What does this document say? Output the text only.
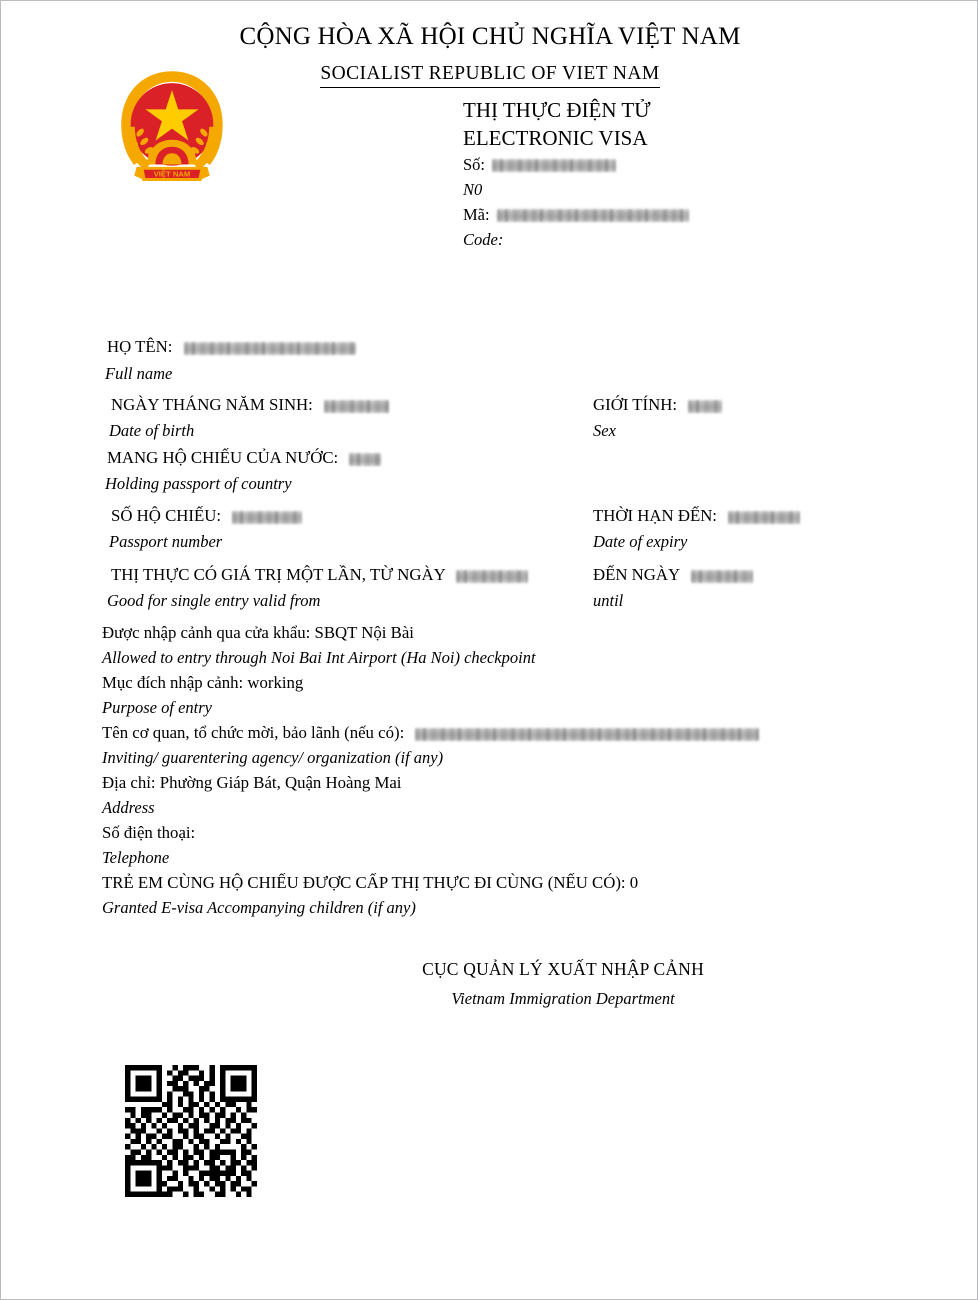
CỘNG HÒA XÃ HỘI CHỦ NGHĨA VIỆT NAM
SOCIALIST REPUBLIC OF VIET NAM
VIỆT NAM
THỊ THỰC ĐIỆN TỬ
ELECTRONIC VISA
Số:
N0
Mã:
Code:
HỌ TÊN:
Full name
NGÀY THÁNG NĂM SINH:
Date of birth
GIỚI TÍNH:
Sex
MANG HỘ CHIẾU CỦA NƯỚC:
Holding passport of country
SỐ HỘ CHIẾU:
Passport number
THỜI HẠN ĐẾN:
Date of expiry
THỊ THỰC CÓ GIÁ TRỊ MỘT LẦN, TỪ NGÀY
Good for single entry valid from
ĐẾN NGÀY
until
Được nhập cảnh qua cửa khẩu: SBQT Nội Bài
Allowed to entry through Noi Bai Int Airport (Ha Noi) checkpoint
Mục đích nhập cảnh: working
Purpose of entry
Tên cơ quan, tổ chức mời, bảo lãnh (nếu có):
Inviting/ guarentering agency/ organization (if any)
Địa chỉ: Phường Giáp Bát, Quận Hoàng Mai
Address
Số điện thoại:
Telephone
TRẺ EM CÙNG HỘ CHIẾU ĐƯỢC CẤP THỊ THỰC ĐI CÙNG (NẾU CÓ): 0
Granted E-visa Accompanying children (if any)
CỤC QUẢN LÝ XUẤT NHẬP CẢNH
Vietnam Immigration Department
